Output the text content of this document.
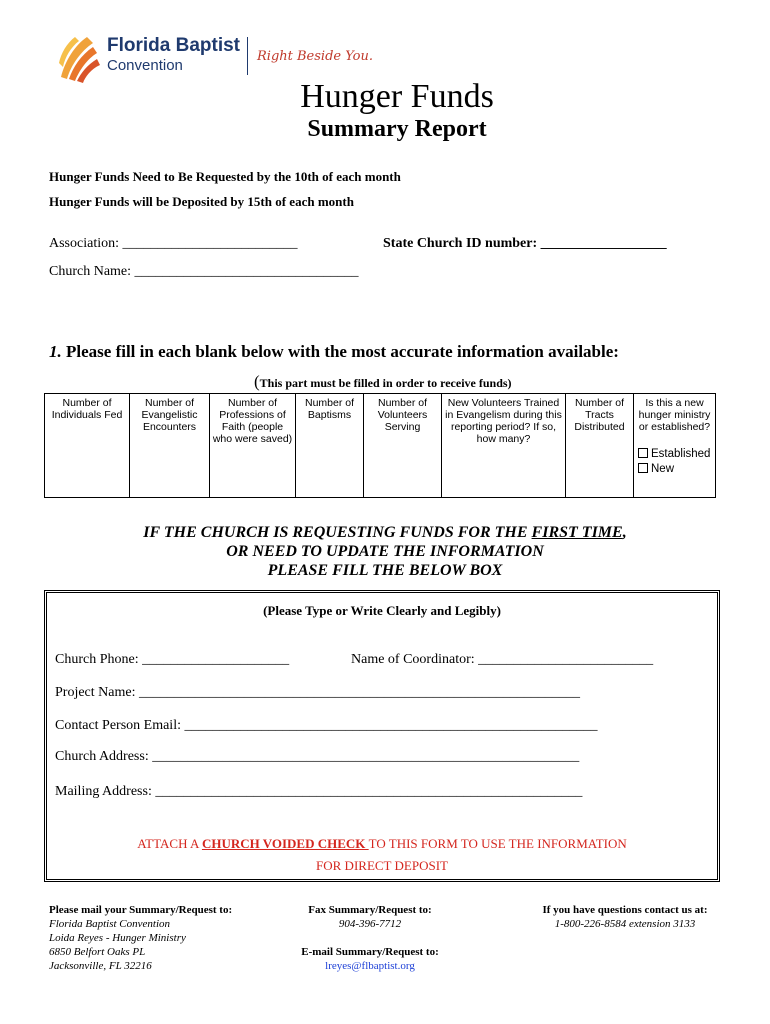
Florida Baptist
Convention
Right Beside You.
Hunger Funds
Summary Report
Hunger Funds Need to Be Requested by the 10th of each month
Hunger Funds will be Deposited by 15th of each month
Association: _________________________	State Church ID number: __________________
Church Name: ________________________________
1. Please fill in each blank below with the most accurate information available:
(This part must be filled in order to receive funds)
Number of Individuals Fed	Number of Evangelistic Encounters	Number of Professions of Faith (people who were saved)	Number of Baptisms	Number of Volunteers Serving	New Volunteers Trained in Evangelism during this reporting period? If so, how many?	Number of Tracts Distributed	Is this a new hunger ministry or established?
Established
New
IF THE CHURCH IS REQUESTING FUNDS FOR THE FIRST TIME,
OR NEED TO UPDATE THE INFORMATION
PLEASE FILL THE BELOW BOX
(Please Type or Write Clearly and Legibly)
Church Phone: _____________________	Name of Coordinator: _________________________
Project Name: _______________________________________________________________
Contact Person Email: ___________________________________________________________
Church Address: _____________________________________________________________
Mailing Address: _____________________________________________________________
ATTACH A CHURCH VOIDED CHECK TO THIS FORM TO USE THE INFORMATION
FOR DIRECT DEPOSIT
Please mail your Summary/Request to:
Florida Baptist Convention
Loida Reyes - Hunger Ministry
6850 Belfort Oaks PL
Jacksonville, FL 32216
Fax Summary/Request to:
904-396-7712
E-mail Summary/Request to:
lreyes@flbaptist.org
If you have questions contact us at:
1-800-226-8584 extension 3133
